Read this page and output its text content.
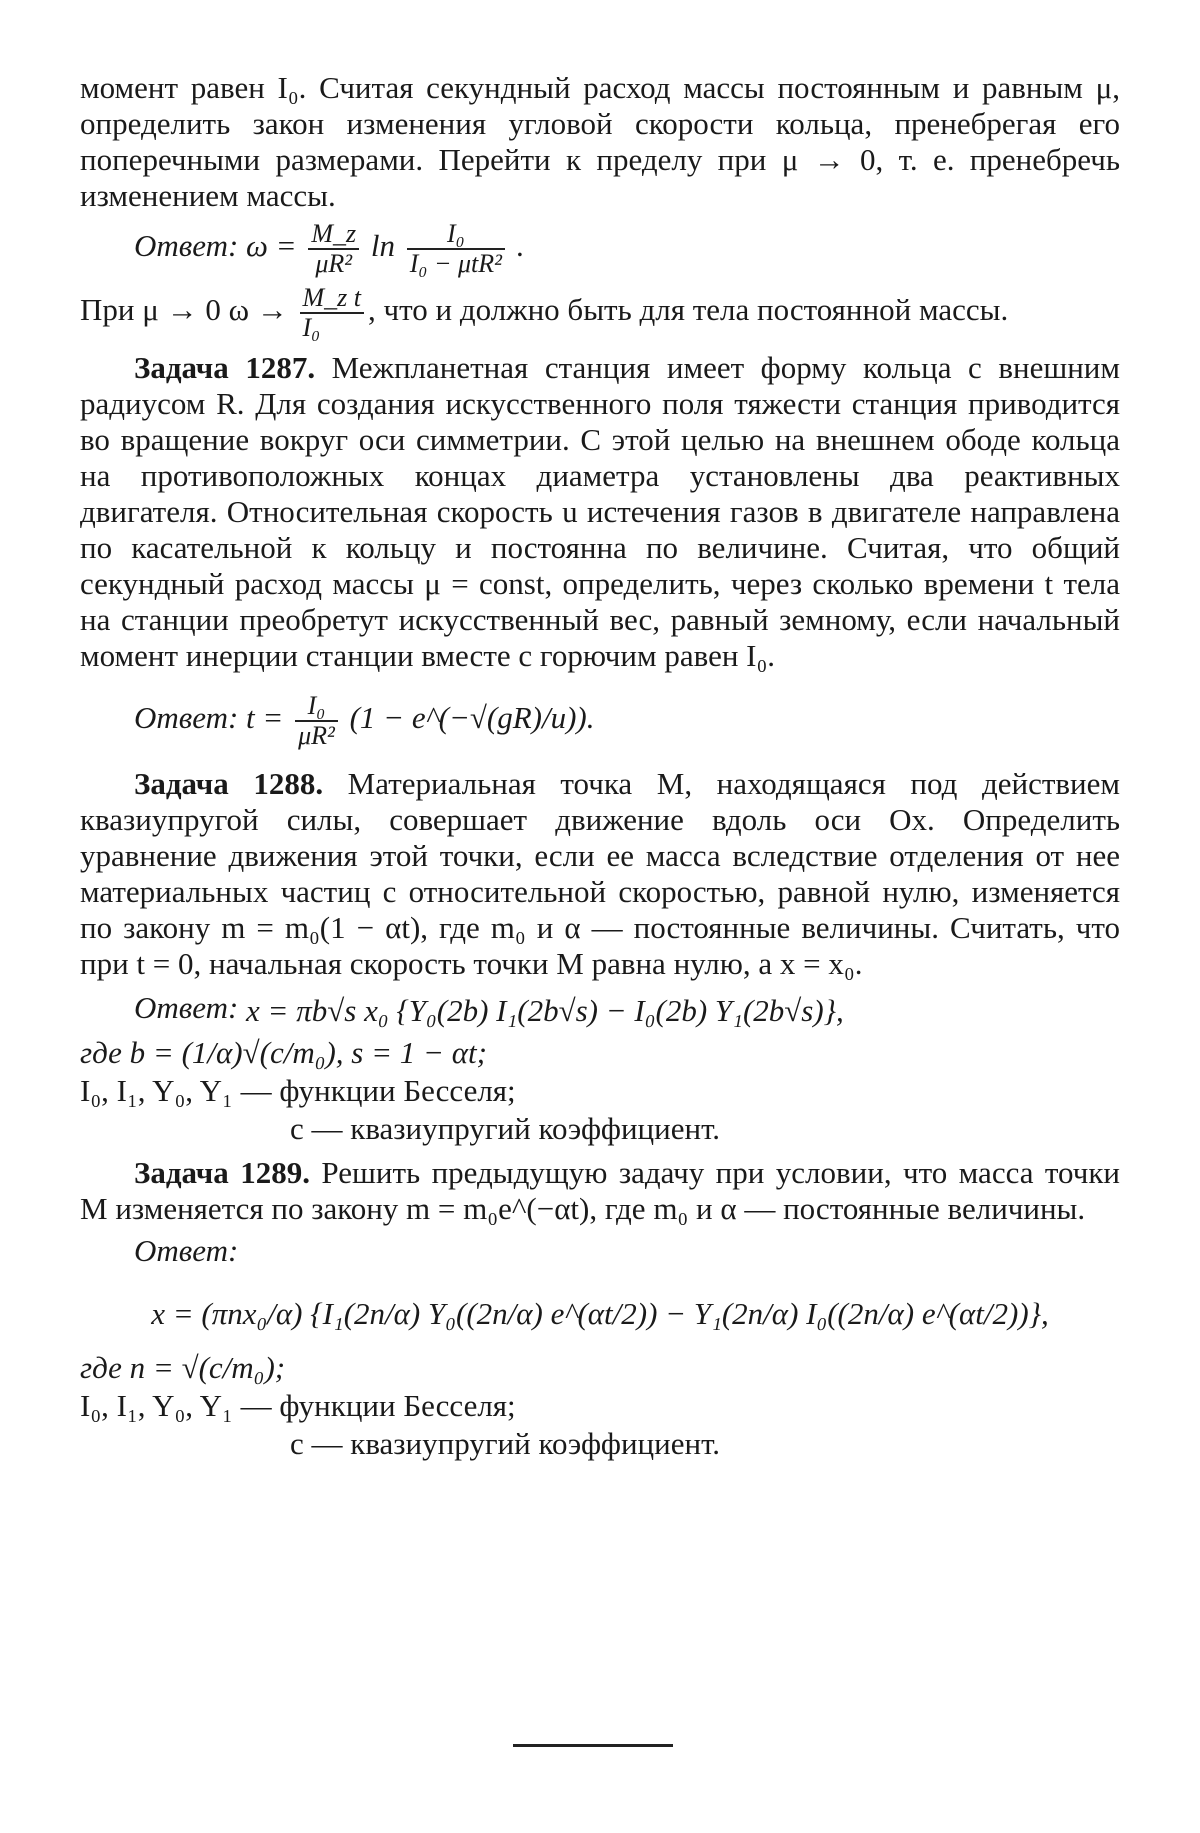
момент равен I₀. Считая секундный расход массы постоянным и равным μ, определить закон изменения угловой скорости кольца, пренебрегая его поперечными размерами. Перейти к пределу при μ → 0, т. е. пренебречь изменением массы.

Ответ: $\omega = \frac{M\_z}{\text{μR²}}$ $\ln \frac{\text{I₀}}{\text{I₀ − μtR²}}$ .

При μ → 0 $\omega \to \frac{\text{M\_z t}}{\text{I₀}}$ , что и должно быть для тела постоянной массы.

Задача 1287. Межпланетная станция имеет форму кольца с внешним радиусом R. Для создания искусственного поля тяжести станция приводится во вращение вокруг оси симметрии. С этой целью на внешнем ободе кольца на противоположных концах диаметра установлены два реактивных двигателя. Относительная скорость u истечения газов в двигателе направлена по касательной к кольцу и постоянна по величине. Считая, что общий секундный расход массы μ = const, определить, через сколько времени t тела на станции преобретут искусственный вес, равный земному, если начальный момент инерции станции вместе с горючим равен I₀.

Ответ: $t = \frac{\text{I₀}}{\text{μR²}} (1$ − e^(−√(gR)/u)).

Задача 1288. Материальная точка M, находящаяся под действием квазиупругой силы, совершает движение вдоль оси Ox. Определить уравнение движения этой точки, если ее масса вследствие отделения от нее материальных частиц с относительной скоростью, равной нулю, изменяется по закону m = m₀(1 − αt), где m₀ и α — постоянные величины. Считать, что при t = 0, начальная скорость точки M равна нулю, а x = x₀.

Ответ: x = πb√s x₀ {Y₀(2b) I₁(2b√s) − I₀(2b) Y₁(2b√s)},
где b = (1/α)√(c/m₀), s = 1 − αt;
I₀, I₁, Y₀, Y₁ — функции Бесселя;
c — квазиупругий коэффициент.

Задача 1289. Решить предыдущую задачу при условии, что масса точки M изменяется по закону m = m₀e^(−αt), где m₀ и α — постоянные величины.

Ответ:
x = (πnx₀/α) {I₁(2n/α) Y₀((2n/α) e^(αt/2)) − Y₁(2n/α) I₀((2n/α) e^(αt/2))},
где n = √(c/m₀);
I₀, I₁, Y₀, Y₁ — функции Бесселя;
c — квазиупругий коэффициент.
